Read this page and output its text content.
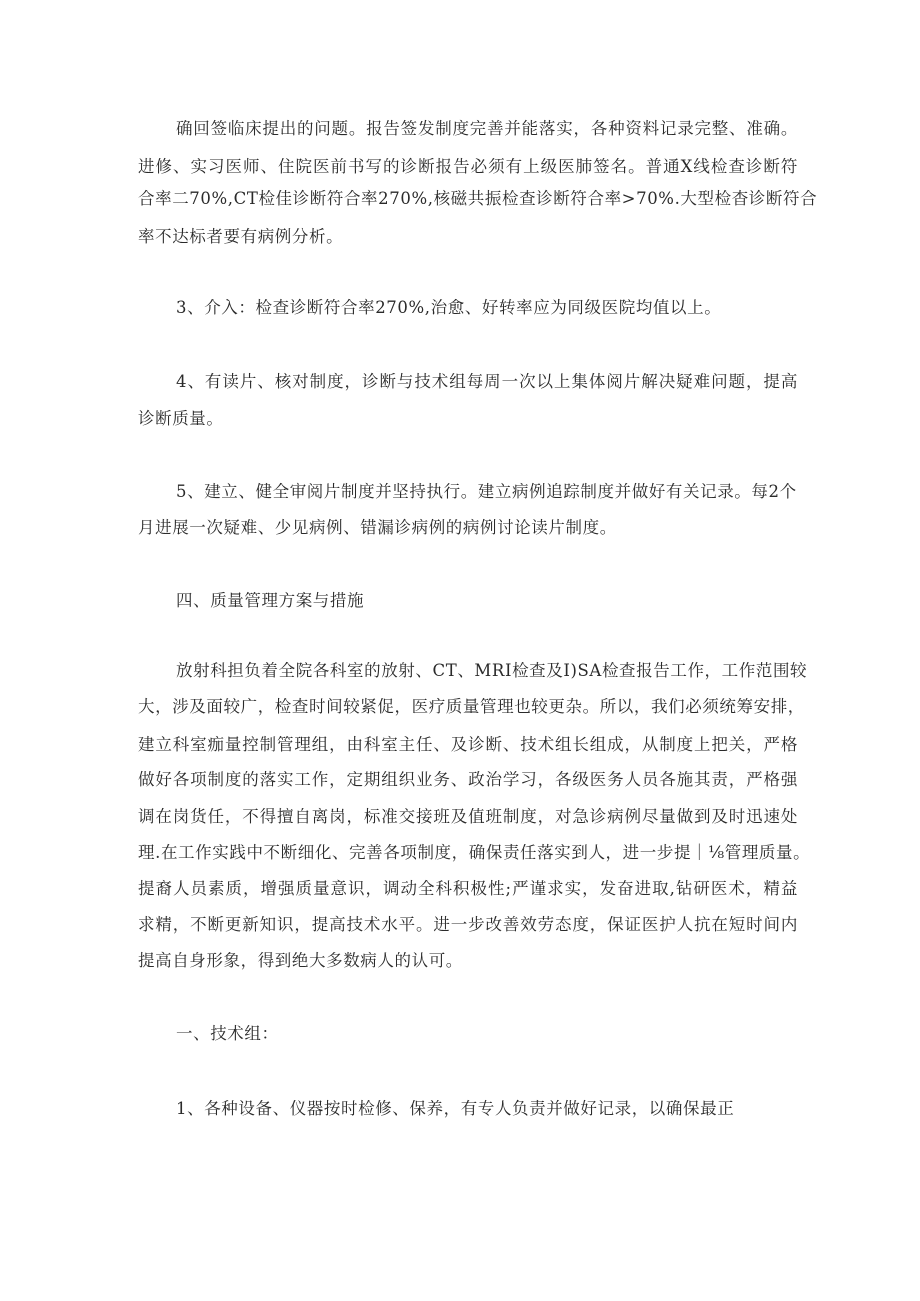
确回签临床提出的问题。报告签发制度完善并能落实，各种资料记录完整、准确。
进修、实习医师、住院医前书写的诊断报告必须有上级医肺签名。普通X线检查诊断符
合率二70%,CT检佳诊断符合率270%,核磁共振检查诊断符合率>70%.大型检杳诊断符合
率不达标者要有病例分析。
3、介入：检查诊断符合率270%,治愈、好转率应为同级医院均值以上。
4、有读片、核对制度，诊断与技术组每周一次以上集体阅片解决疑难问题，提高
诊断质量。
5、建立、健全审阅片制度并坚持执行。建立病例追踪制度并做好有关记录。每2个
月进展一次疑难、少见病例、错漏诊病例的病例讨论读片制度。
四、质量管理方案与措施
放射科担负着全院各科室的放射、CT、MRI检查及I)SA检查报告工作，工作范围较
大，涉及面较广，检查时间较紧促，医疗质量管理也较更杂。所以，我们必须统筹安排，
建立科室痂量控制管理组，由科室主任、及诊断、技术组长组成，从制度上把关，严格
做好各项制度的落实工作，定期组织业务、政治学习，各级医务人员各施其责，严格强
调在岗货任，不得擅自离岗，标准交接班及值班制度，对急诊病例尽量做到及时迅速处
理.在工作实践中不断细化、完善各项制度，确保责任落实到人，进一步提｜⅛管理质量。
提裔人员素质，增强质量意识，调动全科积极性;严谨求实，发奋进取,钻研医术，精益
求精，不断更新知识，提高技术水平。进一步改善效劳态度，保证医护人抗在短时间内
提高自身形象，得到绝大多数病人的认可。
一、技术组：
1、各种设备、仪器按时检修、保养，有专人负责并做好记录，以确保最正
